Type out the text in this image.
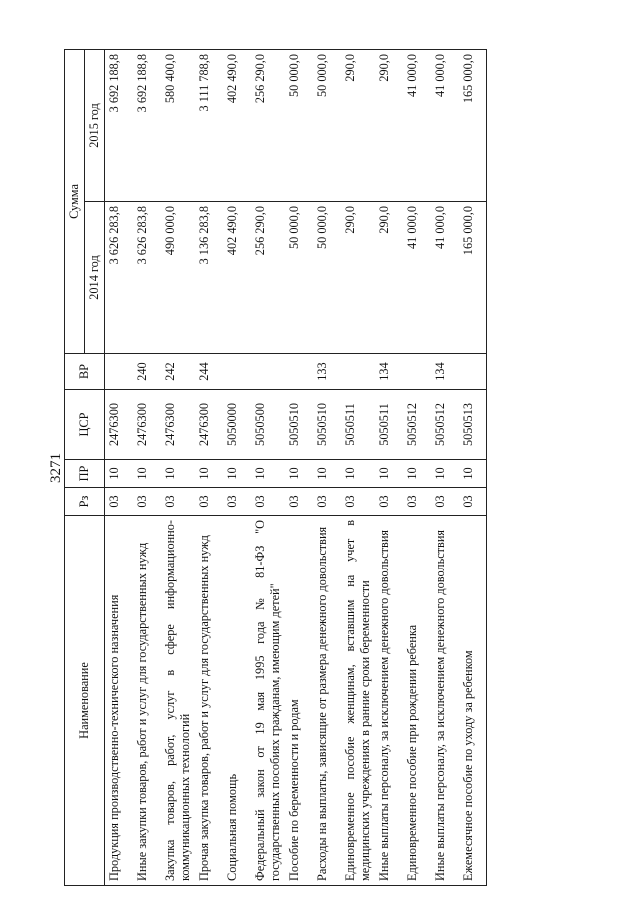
3271
Наименование	Рз	ПР	ЦСР	ВР	Сумма	
					2014 год	2015 год
Продукция производственно-технического назначения	03	10	2476300		3 626 283,8	3 692 188,8
Иные закупки товаров, работ и услуг для государственных нужд	03	10	2476300	240	3 626 283,8	3 692 188,8
Закупка товаров, работ, услуг в сфере информационно-коммуникационных технологий	03	10	2476300	242	490 000,0	580 400,0
Прочая закупка товаров, работ и услуг для государственных нужд	03	10	2476300	244	3 136 283,8	3 111 788,8
Социальная помощь	03	10	5050000		402 490,0	402 490,0
Федеральный закон от 19 мая 1995 года № 81-ФЗ "О государственных пособиях гражданам, имеющим детей"	03	10	5050500		256 290,0	256 290,0
Пособие по беременности и родам	03	10	5050510		50 000,0	50 000,0
Расходы на выплаты, зависящие от размера денежного довольствия	03	10	5050510	133	50 000,0	50 000,0
Единовременное пособие женщинам, вставшим на учет в медицинских учреждениях в ранние сроки беременности	03	10	5050511		290,0	290,0
Иные выплаты персоналу, за исключением денежного довольствия	03	10	5050511	134	290,0	290,0
Единовременное пособие при рождении ребенка	03	10	5050512		41 000,0	41 000,0
Иные выплаты персоналу, за исключением денежного довольствия	03	10	5050512	134	41 000,0	41 000,0
Ежемесячное пособие по уходу за ребенком	03	10	5050513		165 000,0	165 000,0
